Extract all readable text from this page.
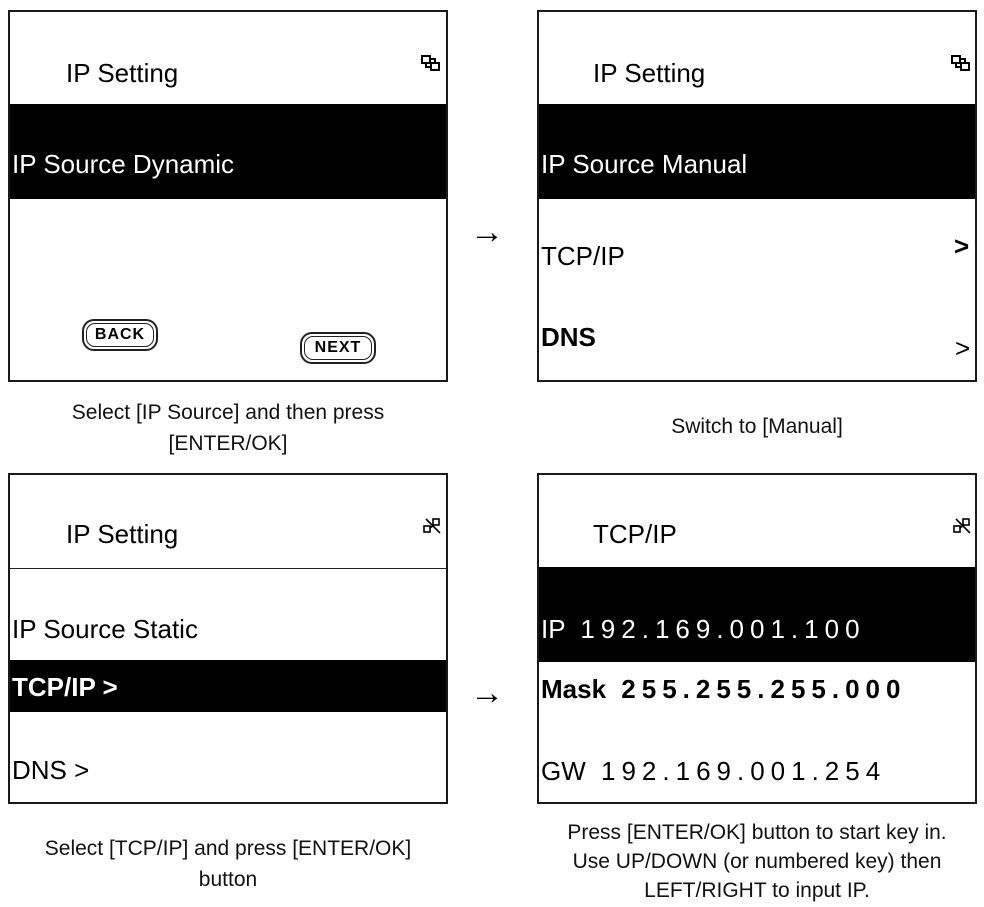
IP Setting
IP Source Dynamic
BACK
NEXT
Select [IP Source] and then press
[ENTER/OK]
→
IP Setting
IP Source Manual
TCP/IP	>
DNS	>
Switch to [Manual]
IP Setting
IP Source Static
TCP/IP >
DNS >
Select [TCP/IP] and press [ENTER/OK]
button
→
TCP/IP
IP 192.169.001.100
Mask 255.255.255.000
GW 192.169.001.254
Press [ENTER/OK] button to start key in.
Use UP/DOWN (or numbered key) then
LEFT/RIGHT to input IP.
